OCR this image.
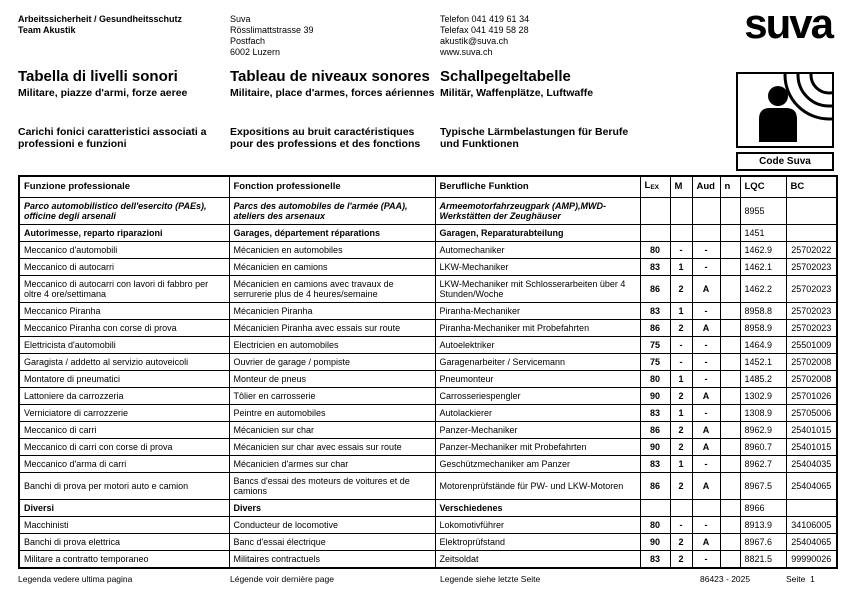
Arbeitssicherheit / Gesundheitsschutz
Team Akustik
Suva
Rösslimattstrasse 39
Postfach
6002 Luzern
Telefon 041 419 61 34
Telefax 041 419 58 28
akustik@suva.ch
www.suva.ch
suva
Tabella di livelli sonori
Militare, piazze d'armi, forze aeree
Tableau de niveaux sonores
Militaire, place d'armes, forces aériennes
Schallpegeltabelle
Militär, Waffenplätze, Luftwaffe
Carichi fonici caratteristici associati a professioni e funzioni
Expositions au bruit caractéristiques pour des professions et des fonctions
Typische Lärmbelastungen für Berufe und Funktionen
Code Suva
Funzione professionale	Fonction professionelle	Berufliche Funktion	$L_{EX}$	M	Aud	n	LQC	BC
Parco automobilistico dell'esercito (PAEs), officine degli arsenali	Parcs des automobiles de l'armée (PAA), ateliers des arsenaux	Armeemotorfahrzeugpark (AMP),MWD-Werkstätten der Zeughäuser					8955	
Autorimesse, reparto riparazioni	Garages, département réparations	Garagen, Reparaturabteilung					1451	
Meccanico d'automobili	Mécanicien en automobiles	Automechaniker	80	-	-		1462.9	25702022
Meccanico di autocarri	Mécanicien en camions	LKW-Mechaniker	83	1	-		1462.1	25702023
Meccanico di autocarri con lavori di fabbro per oltre 4 ore/settimana	Mécanicien en camions avec travaux de serrurerie plus de 4 heures/semaine	LKW-Mechaniker mit Schlosserarbeiten über 4 Stunden/Woche	86	2	A		1462.2	25702023
Meccanico Piranha	Mécanicien Piranha	Piranha-Mechaniker	83	1	-		8958.8	25702023
Meccanico Piranha con corse di prova	Mécanicien Piranha avec essais sur route	Piranha-Mechaniker mit Probefahrten	86	2	A		8958.9	25702023
Elettricista d'automobili	Electricien en automobiles	Autoelektriker	75	-	-		1464.9	25501009
Garagista / addetto al servizio autoveicoli	Ouvrier de garage / pompiste	Garagenarbeiter / Servicemann	75	-	-		1452.1	25702008
Montatore di pneumatici	Monteur de pneus	Pneumonteur	80	1	-		1485.2	25702008
Lattoniere da carrozzeria	Tôlier en carrosserie	Carrosseriespengler	90	2	A		1302.9	25701026
Verniciatore di carrozzerie	Peintre en automobiles	Autolackierer	83	1	-		1308.9	25705006
Meccanico di carri	Mécanicien sur char	Panzer-Mechaniker	86	2	A		8962.9	25401015
Meccanico di carri con corse di prova	Mécanicien sur char avec essais sur route	Panzer-Mechaniker mit Probefahrten	90	2	A		8960.7	25401015
Meccanico d'arma di carri	Mécanicien d'armes sur char	Geschützmechaniker am Panzer	83	1	-		8962.7	25404035
Banchi di prova per motori auto e camion	Bancs d'essai des moteurs de voitures et de camions	Motorenprüfstände für PW- und LKW-Motoren	86	2	A		8967.5	25404065
Diversi	Divers	Verschiedenes					8966	
Macchinisti	Conducteur de locomotive	Lokomotivführer	80	-	-		8913.9	34106005
Banchi di prova elettrica	Banc d'essai électrique	Elektroprüfstand	90	2	A		8967.6	25404065
Militare a contratto temporaneo	Militaires contractuels	Zeitsoldat	83	2	-		8821.5	99990026
Legenda vedere ultima pagina	Légende voir dernière page	Legende siehe letzte Seite	86423 - 2025	Seite 1
